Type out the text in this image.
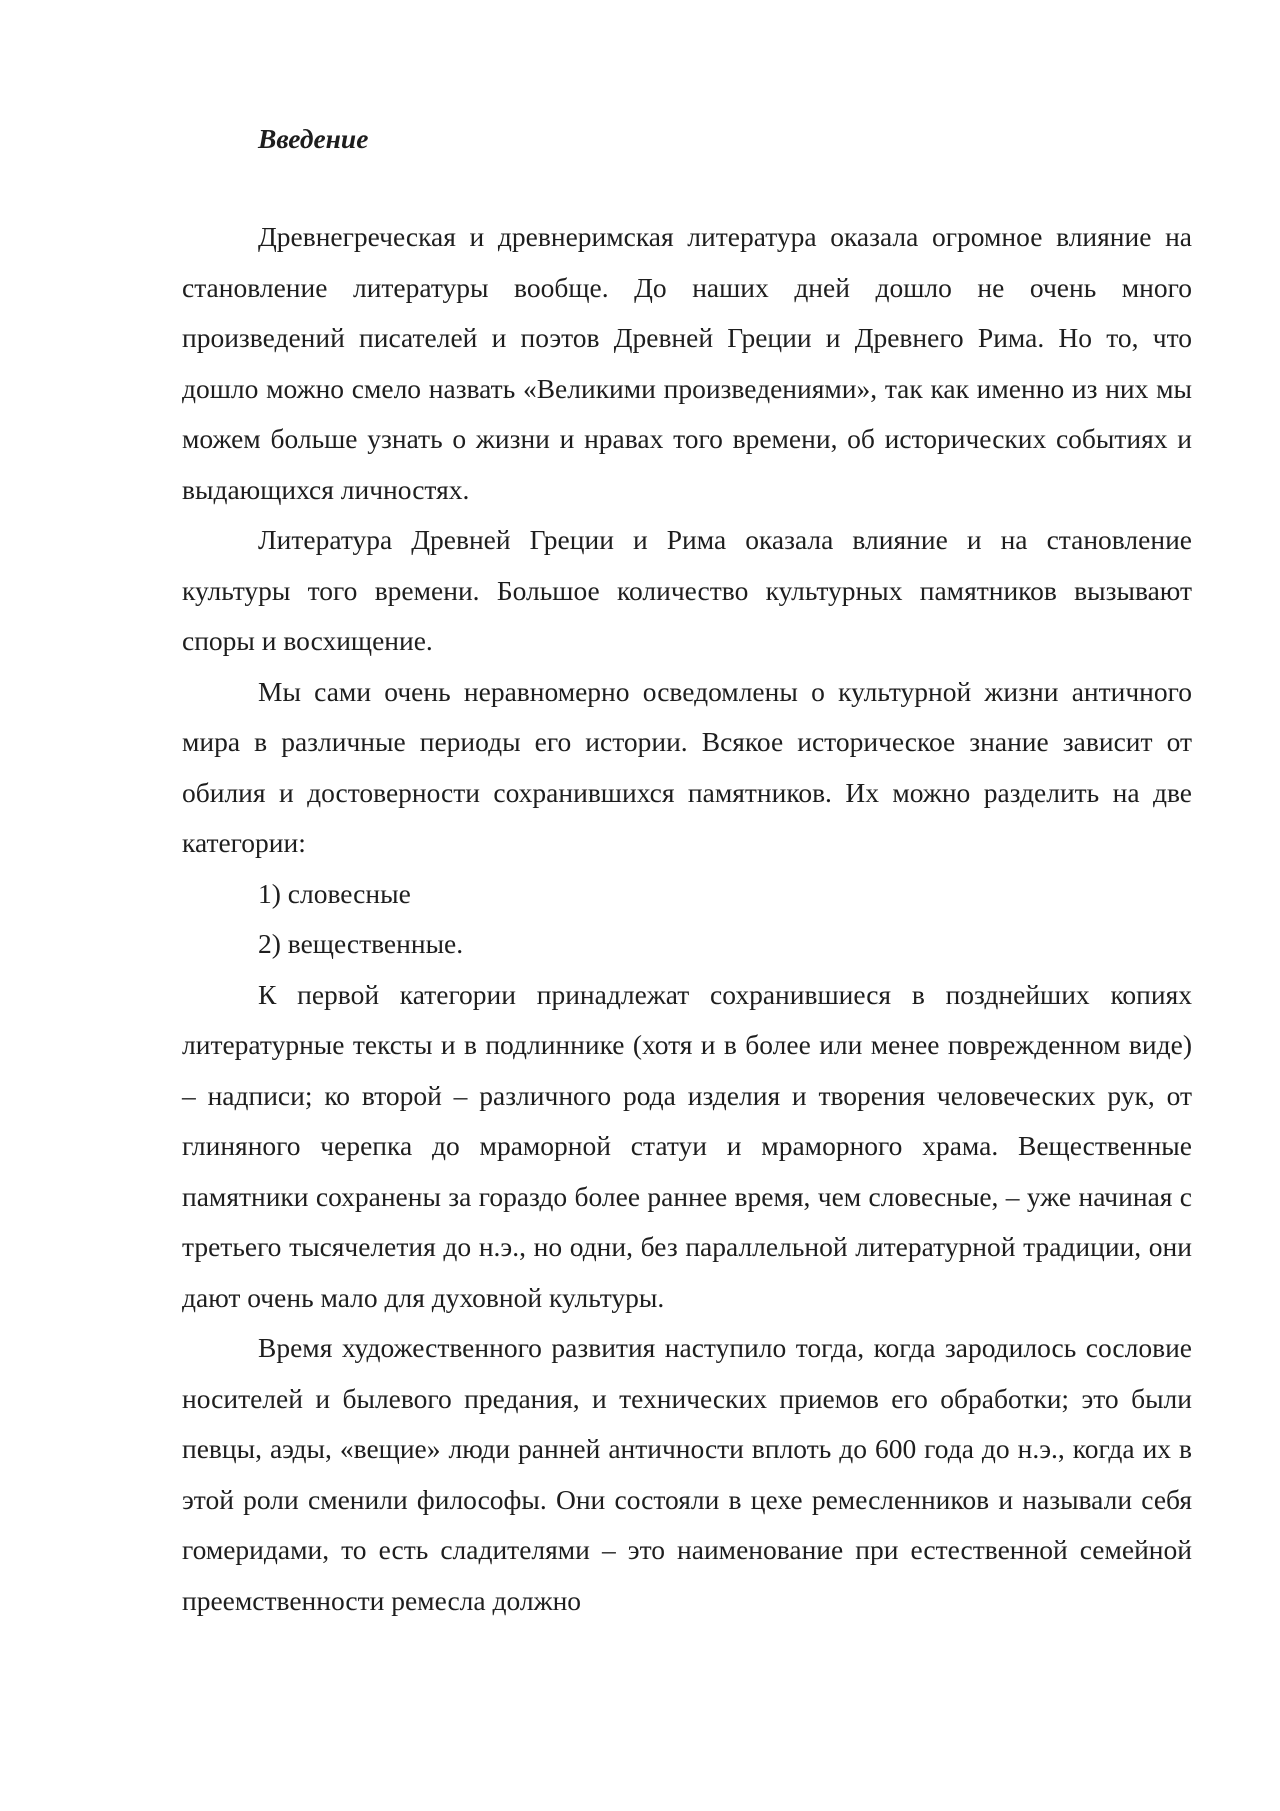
Введение

Древнегреческая и древнеримская литература оказала огромное влияние на становление литературы вообще. До наших дней дошло не очень много произведений писателей и поэтов Древней Греции и Древнего Рима. Но то, что дошло можно смело назвать «Великими произведениями», так как именно из них мы можем больше узнать о жизни и нравах того времени, об исторических событиях и выдающихся личностях.

Литература Древней Греции и Рима оказала влияние и на становление культуры того времени. Большое количество культурных памятников вызывают споры и восхищение.

Мы сами очень неравномерно осведомлены о культурной жизни античного мира в различные периоды его истории. Всякое историческое знание зависит от обилия и достоверности сохранившихся памятников. Их можно разделить на две категории:

1) словесные

2) вещественные.

К первой категории принадлежат сохранившиеся в позднейших копиях литературные тексты и в подлиннике (хотя и в более или менее поврежденном виде) – надписи; ко второй – различного рода изделия и творения человеческих рук, от глиняного черепка до мраморной статуи и мраморного храма. Вещественные памятники сохранены за гораздо более раннее время, чем словесные, – уже начиная с третьего тысячелетия до н.э., но одни, без параллельной литературной традиции, они дают очень мало для духовной культуры.

Время художественного развития наступило тогда, когда зародилось сословие носителей и былевого предания, и технических приемов его обработки; это были певцы, аэды, «вещие» люди ранней античности вплоть до 600 года до н.э., когда их в этой роли сменили философы. Они состояли в цехе ремесленников и называли себя гомеридами, то есть сладителями – это наименование при естественной семейной преемственности ремесла должно
